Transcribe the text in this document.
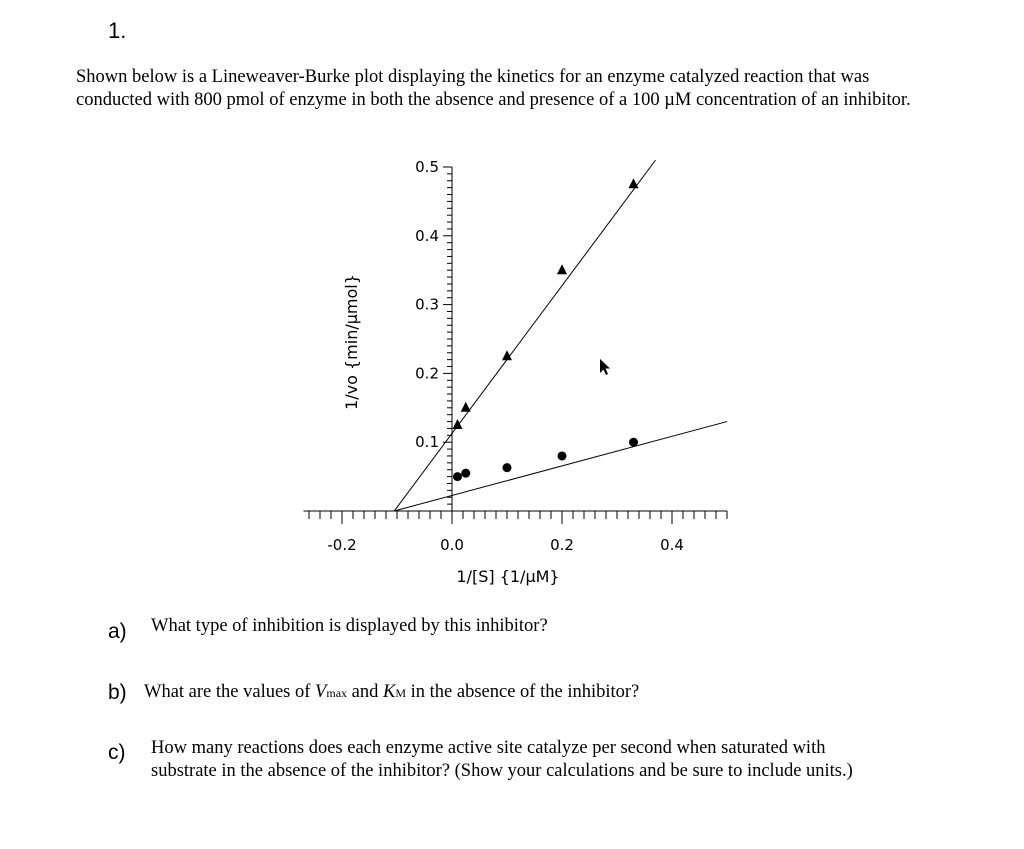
1.
Shown below is a Lineweaver-Burke plot displaying the kinetics for an enzyme catalyzed reaction that was conducted with 800 pmol of enzyme in both the absence and presence of a 100 µM concentration of an inhibitor.
-0.2	0.0	0.2	0.4
0.1
0.2
0.3
0.4
0.5
1/[S] {1/µM}
1/vo {min/µmol}
a) What type of inhibition is displayed by this inhibitor?
b) What are the values of Vmax and KM in the absence of the inhibitor?
c) How many reactions does each enzyme active site catalyze per second when saturated with
substrate in the absence of the inhibitor? (Show your calculations and be sure to include units.)
